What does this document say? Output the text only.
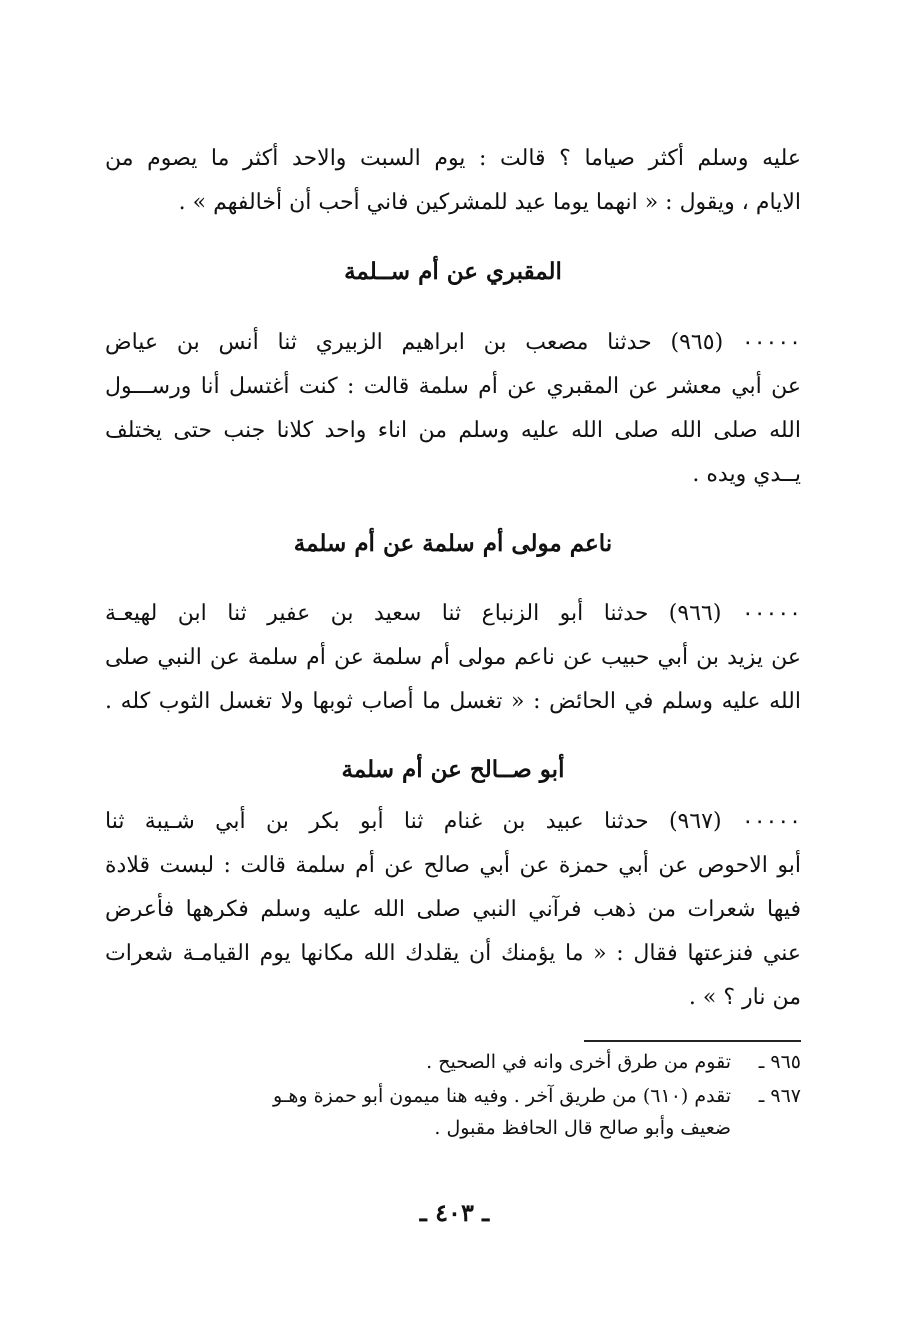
عليه وسلم أكثر صياما ؟ قالت : يوم السبت والاحد أكثر ما يصوم من
الايام ، ويقول : « انهما يوما عيد للمشركين فاني أحب أن أخالفهم » .
المقبري عن أم ســلمة
٠٠٠٠٠ (٩٦٥) حدثنا مصعب بن ابراهيم الزبيري ثنا أنس بن عياض
عن أبي معشر عن المقبري عن أم سلمة قالت : كنت أغتسل أنا ورســـول
الله صلى الله صلى الله عليه وسلم من اناء واحد كلانا جنب حتى يختلف
يــدي ويده .
ناعم مولى أم سلمة عن أم سلمة
٠٠٠٠٠ (٩٦٦) حدثنا أبو الزنباع ثنا سعيد بن عفير ثنا ابن لهيعـة
عن يزيد بن أبي حبيب عن ناعم مولى أم سلمة عن أم سلمة عن النبي صلى
الله عليه وسلم في الحائض : « تغسل ما أصاب ثوبها ولا تغسل الثوب كله .
أبو صــالح عن أم سلمة
٠٠٠٠٠ (٩٦٧) حدثنا عبيد بن غنام ثنا أبو بكر بن أبي شـيبة ثنا
أبو الاحوص عن أبي حمزة عن أبي صالح عن أم سلمة قالت : لبست قلادة
فيها شعرات من ذهب فرآني النبي صلى الله عليه وسلم فكرهها فأعرض
عني فنزعتها فقال : « ما يؤمنك أن يقلدك الله مكانها يوم القيامـة شعرات
من نار ؟ » .
٩٦٥ ـتقوم من طرق أخرى وانه في الصحيح .
٩٦٧ ـتقدم (٦١٠) من طريق آخر . وفيه هنا ميمون أبو حمزة وهـو
ضعيف وأبو صالح قال الحافظ مقبول .
ـ ٤٠٣ ـ
